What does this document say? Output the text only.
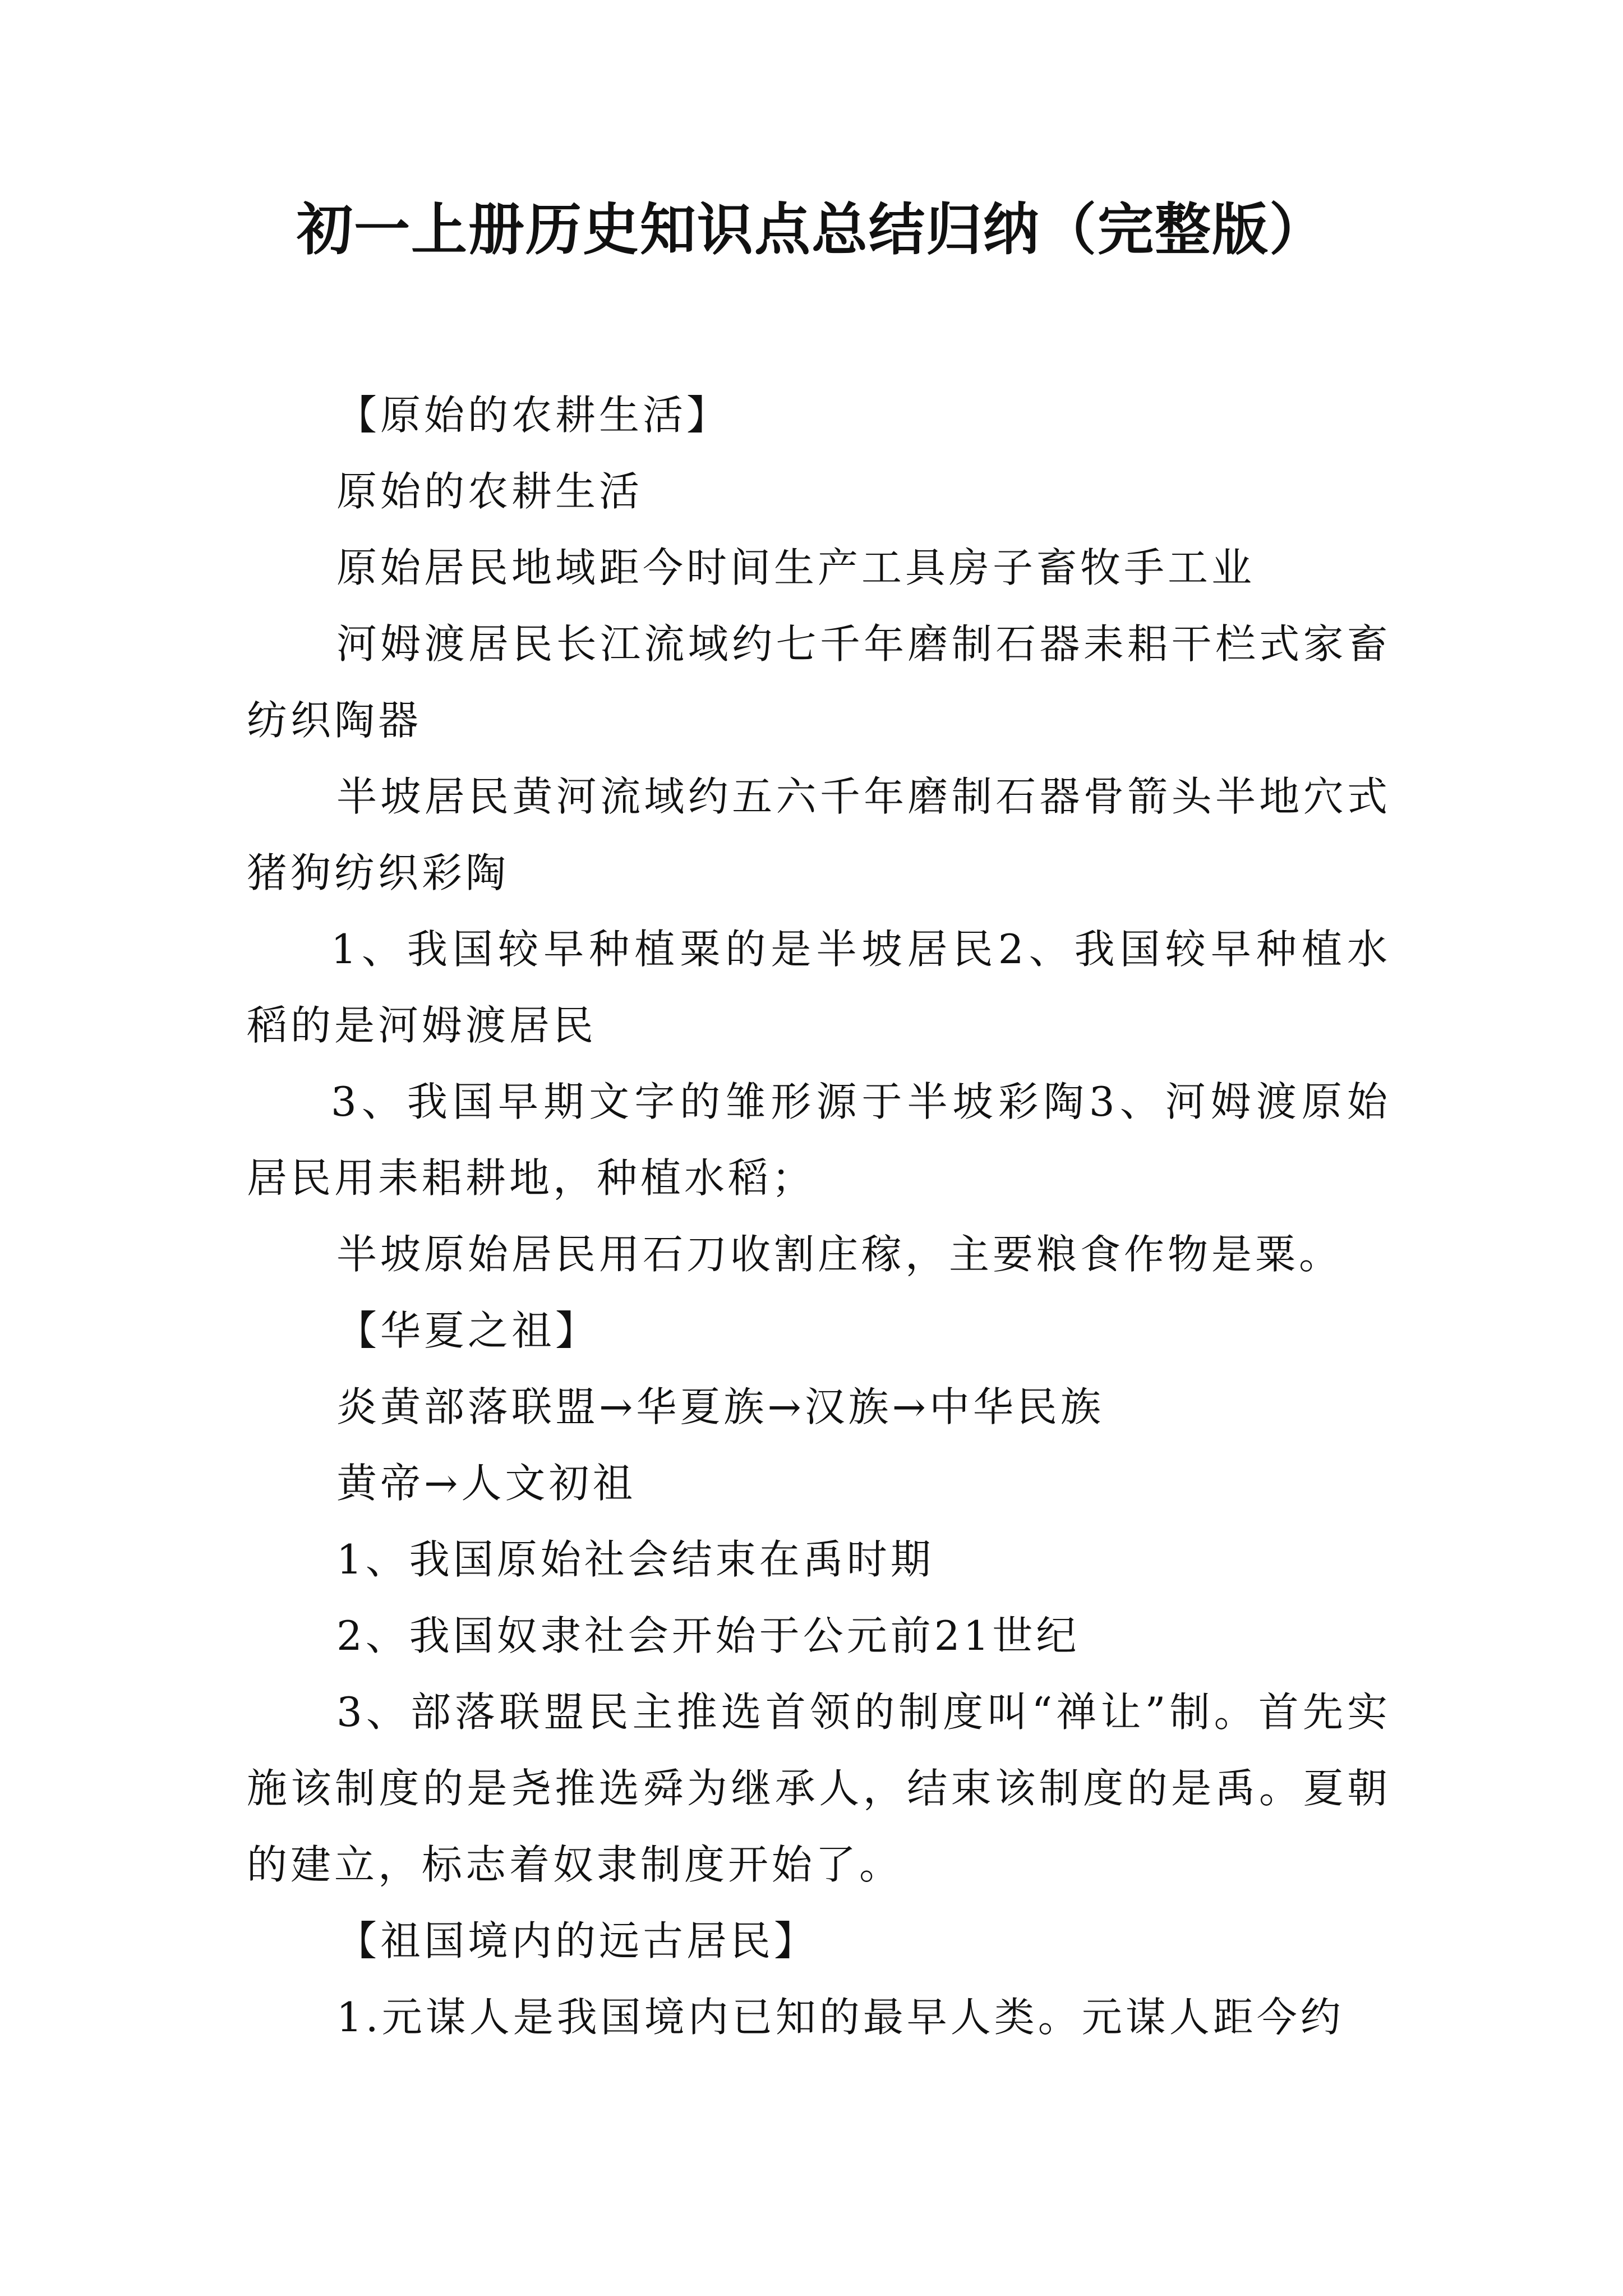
初一上册历史知识点总结归纳（完整版）

【原始的农耕生活】

原始的农耕生活

原始居民地域距今时间生产工具房子畜牧手工业

河姆渡居民长江流域约七千年磨制石器耒耜干栏式家畜纺织陶器

半坡居民黄河流域约五六千年磨制石器骨箭头半地穴式猪狗纺织彩陶

1、我国较早种植粟的是半坡居民2、我国较早种植水稻的是河姆渡居民

3、我国早期文字的雏形源于半坡彩陶3、河姆渡原始居民用耒耜耕地，种植水稻；

半坡原始居民用石刀收割庄稼，主要粮食作物是粟。

【华夏之祖】

炎黄部落联盟→华夏族→汉族→中华民族

黄帝→人文初祖

1、我国原始社会结束在禹时期

2、我国奴隶社会开始于公元前21世纪

3、部落联盟民主推选首领的制度叫“禅让”制。首先实施该制度的是尧推选舜为继承人，结束该制度的是禹。夏朝的建立，标志着奴隶制度开始了。

【祖国境内的远古居民】

1.元谋人是我国境内已知的最早人类。元谋人距今约
